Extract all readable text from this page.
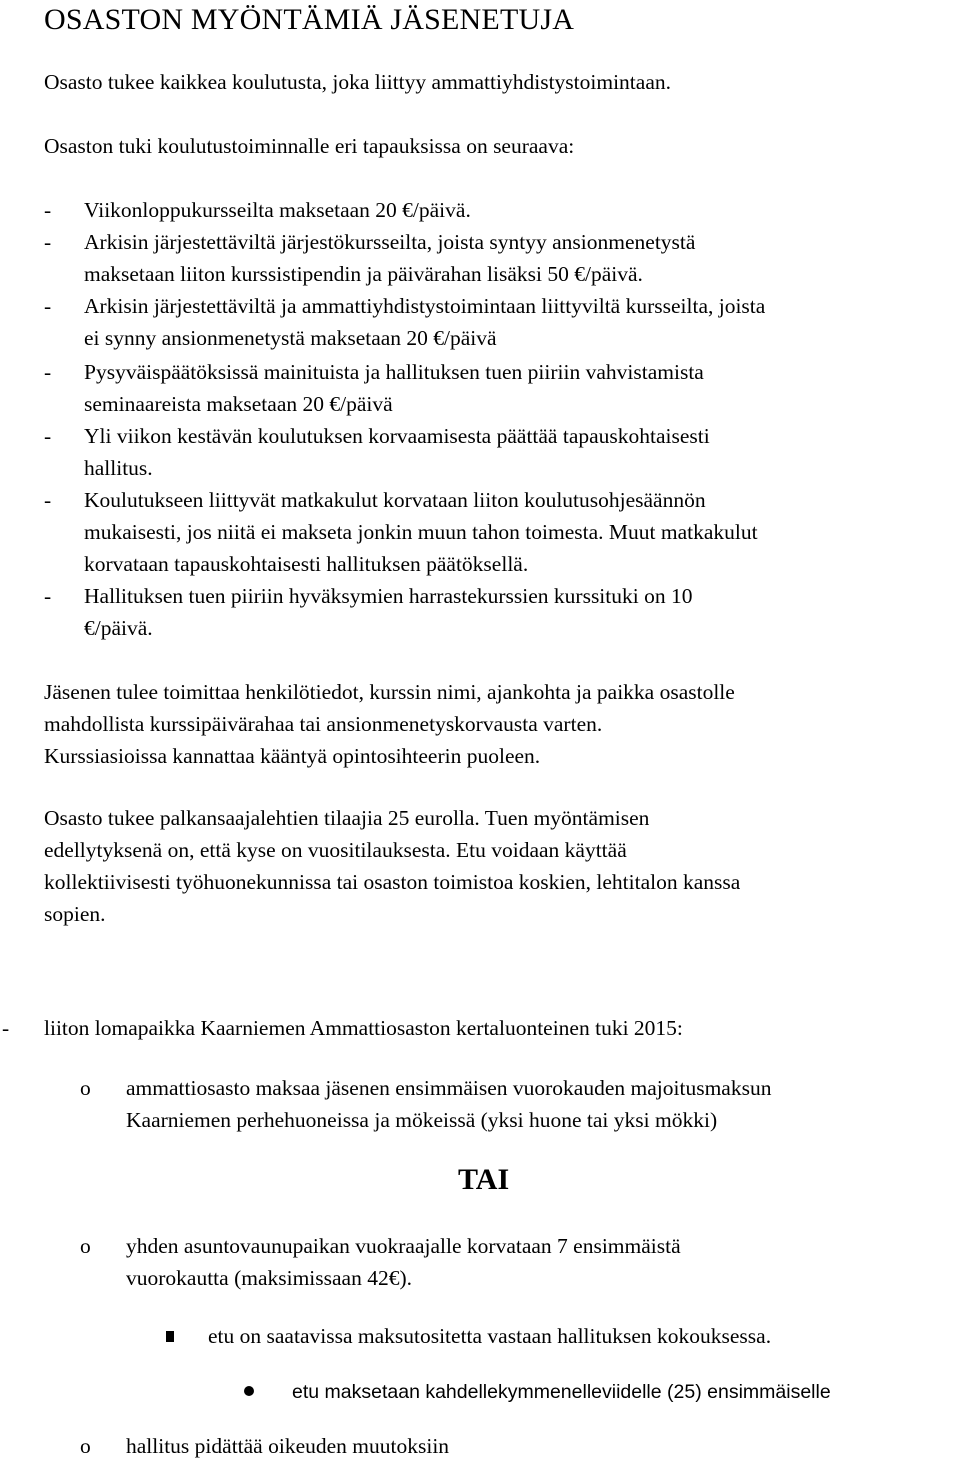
OSASTON MYÖNTÄMIÄ JÄSENETUJA
Osasto tukee kaikkea koulutusta, joka liittyy ammattiyhdistystoimintaan.
Osaston tuki koulutustoiminnalle eri tapauksissa on seuraava:
- Viikonloppukursseilta maksetaan 20 €/päivä.
- Arkisin järjestettäviltä järjestökursseilta, joista syntyy ansionmenetystä
maksetaan liiton kurssistipendin ja päivärahan lisäksi 50 €/päivä.
- Arkisin järjestettäviltä ja ammattiyhdistystoimintaan liittyviltä kursseilta, joista
ei synny ansionmenetystä maksetaan 20 €/päivä
- Pysyväispäätöksissä mainituista ja hallituksen tuen piiriin vahvistamista
seminaareista maksetaan 20 €/päivä
- Yli viikon kestävän koulutuksen korvaamisesta päättää tapauskohtaisesti
hallitus.
- Koulutukseen liittyvät matkakulut korvataan liiton koulutusohjesäännön
mukaisesti, jos niitä ei makseta jonkin muun tahon toimesta. Muut matkakulut
korvataan tapauskohtaisesti hallituksen päätöksellä.
- Hallituksen tuen piiriin hyväksymien harrastekurssien kurssituki on 10
€/päivä.
Jäsenen tulee toimittaa henkilötiedot, kurssin nimi, ajankohta ja paikka osastolle
mahdollista kurssipäivärahaa tai ansionmenetyskorvausta varten.
Kurssiasioissa kannattaa kääntyä opintosihteerin puoleen.
Osasto tukee palkansaajalehtien tilaajia 25 eurolla. Tuen myöntämisen
edellytyksenä on, että kyse on vuositilauksesta. Etu voidaan käyttää
kollektiivisesti työhuonekunnissa tai osaston toimistoa koskien, lehtitalon kanssa
sopien.
- liiton lomapaikka Kaarniemen Ammattiosaston kertaluonteinen tuki 2015:
o ammattiosasto maksaa jäsenen ensimmäisen vuorokauden majoitusmaksun
Kaarniemen perhehuoneissa ja mökeissä (yksi huone tai yksi mökki)
TAI
o yhden asuntovaunupaikan vuokraajalle korvataan 7 ensimmäistä
vuorokautta (maksimissaan 42€).
etu on saatavissa maksutositetta vastaan hallituksen kokouksessa.
etu maksetaan kahdellekymmenelleviidelle (25) ensimmäiselle
o hallitus pidättää oikeuden muutoksiin
